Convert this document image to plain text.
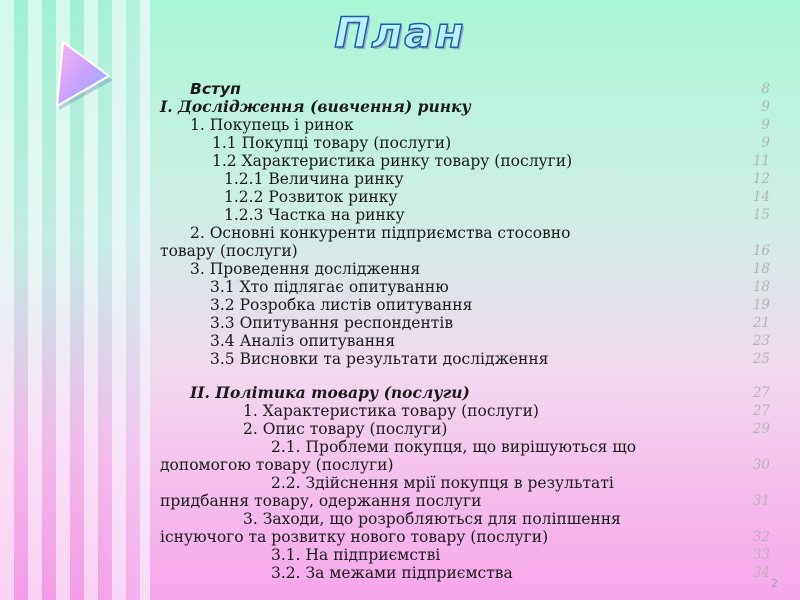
План
Вступ	8
І. Дослідження (вивчення) ринку	9
1. Покупець і ринок	9
1.1 Покупці товару (послуги)	9
1.2 Характеристика ринку товару (послуги)	11
1.2.1 Величина ринку	12
1.2.2 Розвиток ринку	14
1.2.3 Частка на ринку	15
2. Основні конкуренти підприємства стосовно
товару (послуги)	16
3. Проведення дослідження	18
3.1 Хто підлягає опитуванню	18
3.2 Розробка листів опитування	19
3.3 Опитування респондентів	21
3.4 Аналіз опитування	23
3.5 Висновки та результати дослідження	25
ІІ. Політика товару (послуги)	27
1. Характеристика товару (послуги)	27
2. Опис товару (послуги)	29
2.1. Проблеми покупця, що вирішуються що
допомогою товару (послуги)	30
2.2. Здійснення мрії покупця в результаті
придбання товару, одержання послуги	31
3. Заходи, що розробляються для поліпшення
існуючого та розвитку нового товару (послуги)	32
3.1. На підприємстві	33
3.2. За межами підприємства	34
2
